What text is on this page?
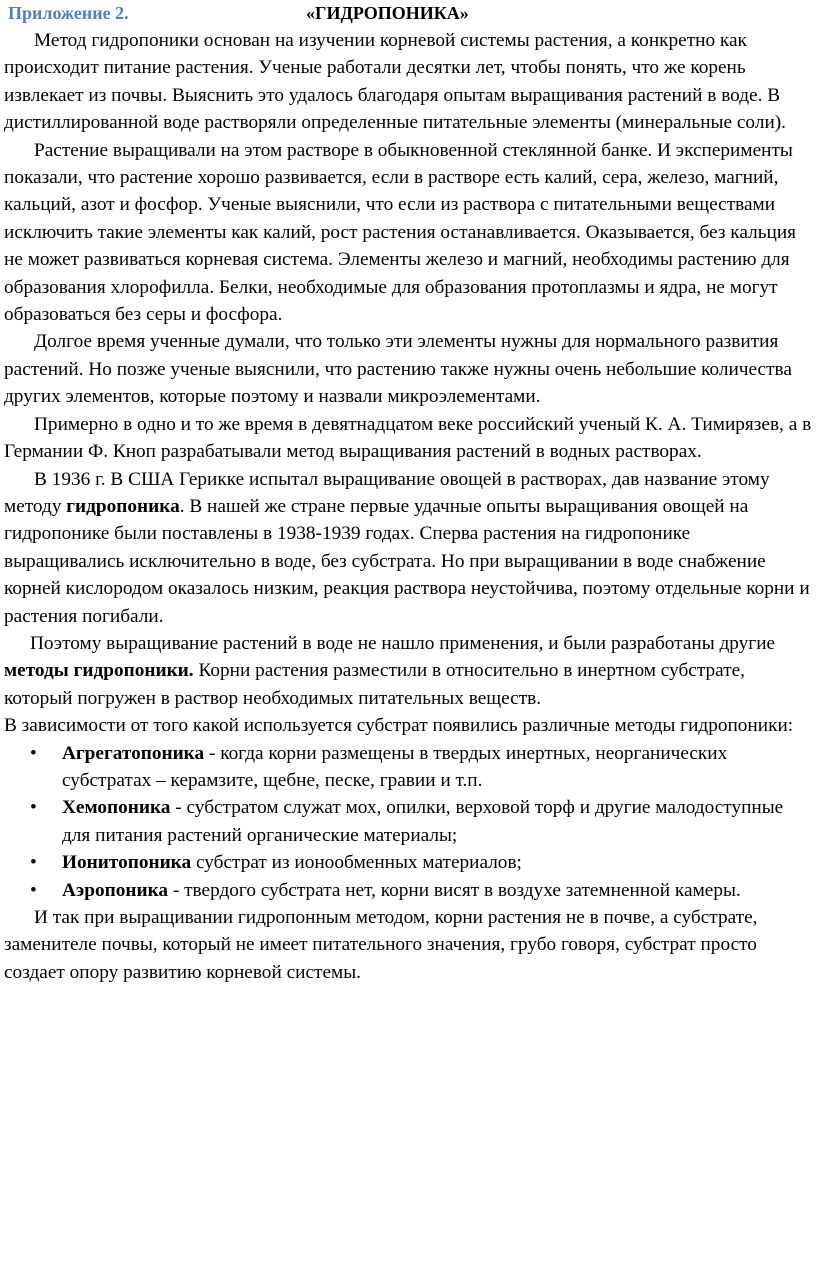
Приложение 2.	«ГИДРОПОНИКА»

Метод гидропоники основан на изучении корневой системы растения, а конкретно как происходит питание растения. Ученые работали десятки лет, чтобы понять, что же корень извлекает из почвы. Выяснить это удалось благодаря опытам выращивания растений в воде. В дистиллированной воде растворяли определенные питательные элементы (минеральные соли).

Растение выращивали на этом растворе в обыкновенной стеклянной банке. И эксперименты показали, что растение хорошо развивается, если в растворе есть калий, сера, железо, магний, кальций, азот и фосфор. Ученые выяснили, что если из раствора с питательными веществами исключить такие элементы как калий, рост растения останавливается. Оказывается, без кальция не может развиваться корневая система. Элементы железо и магний, необходимы растению для образования хлорофилла. Белки, необходимые для образования протоплазмы и ядра, не могут образоваться без серы и фосфора.

Долгое время ученные думали, что только эти элементы нужны для нормального развития растений. Но позже ученые выяснили, что растению также нужны очень небольшие количества других элементов, которые поэтому и назвали микроэлементами.

Примерно в одно и то же время в девятнадцатом веке российский ученый К. А. Тимирязев, а в Германии Ф. Кноп разрабатывали метод выращивания растений в водных растворах.

В 1936 г. В США Герикке испытал выращивание овощей в растворах, дав название этому методу гидропоника. В нашей же стране первые удачные опыты выращивания овощей на гидропонике были поставлены в 1938-1939 годах. Сперва растения на гидропонике выращивались исключительно в воде, без субстрата. Но при выращивании в воде снабжение корней кислородом оказалось низким, реакция раствора неустойчива, поэтому отдельные корни и растения погибали.

Поэтому выращивание растений в воде не нашло применения, и были разработаны другие методы гидропоники. Корни растения разместили в относительно в инертном субстрате, который погружен в раствор необходимых питательных веществ.

В зависимости от того какой используется субстрат появились различные методы гидропоники:

• Агрегатопоника - когда корни размещены в твердых инертных, неорганических субстратах – керамзите, щебне, песке, гравии и т.п.
• Хемопоника - субстратом служат мох, опилки, верховой торф и другие малодоступные для питания растений органические материалы;
• Ионитопоника субстрат из ионообменных материалов;
• Аэропоника - твердого субстрата нет, корни висят в воздухе затемненной камеры.

И так при выращивании гидропонным методом, корни растения не в почве, а субстрате, заменителе почвы, который не имеет питательного значения, грубо говоря, субстрат просто создает опору развитию корневой системы.
